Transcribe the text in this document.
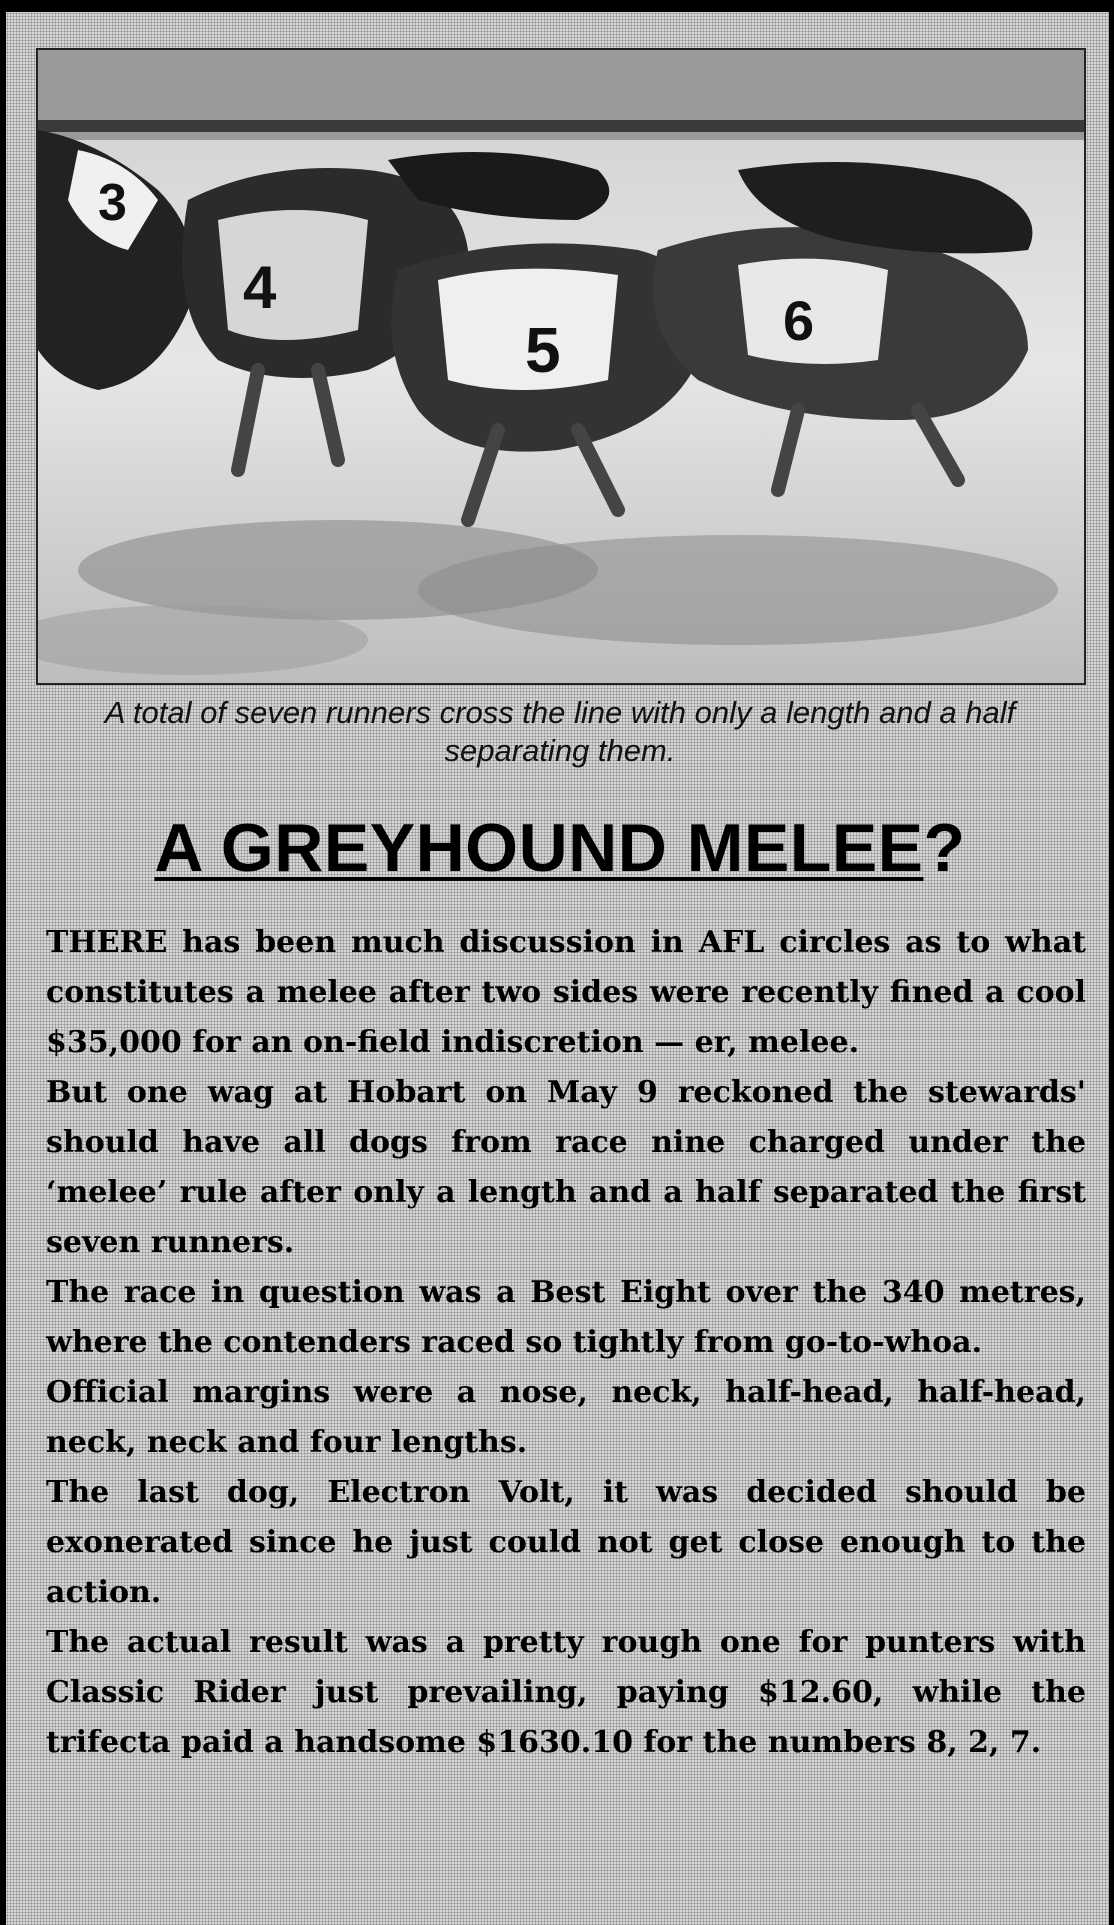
3
4
5	6
A total of seven runners cross the line with only a length and a half separating them.
A GREYHOUND MELEE?

THERE has been much discussion in AFL circles as to what constitutes a melee after two sides were recently fined a cool $35,000 for an on-field indiscretion — er, melee.

But one wag at Hobart on May 9 reckoned the stewards' should have all dogs from race nine charged under the ‘melee’ rule after only a length and a half separated the first seven runners.

The race in question was a Best Eight over the 340 metres, where the contenders raced so tightly from go-to-whoa.

Official margins were a nose, neck, half-head, half-head, neck, neck and four lengths.

The last dog, Electron Volt, it was decided should be exonerated since he just could not get close enough to the action.

The actual result was a pretty rough one for punters with Classic Rider just prevailing, paying $12.60, while the trifecta paid a handsome $1630.10 for the numbers 8, 2, 7.
